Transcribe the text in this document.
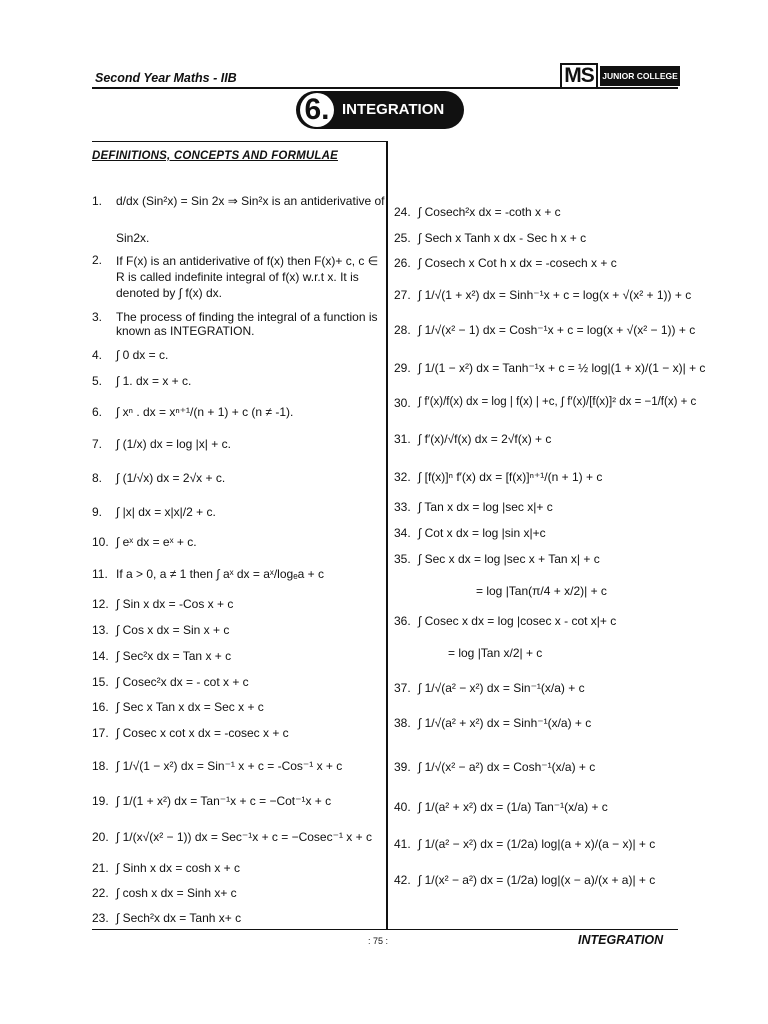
Second Year Maths - IIB	MS JUNIOR COLLEGE
6. INTEGRATION
DEFINITIONS, CONCEPTS AND FORMULAE
1.	d/dx (Sin²x) = Sin 2x ⇒ Sin²x is an antiderivative of
Sin2x.
2.	If F(x) is an antiderivative of f(x) then F(x)+ c, c ∈ R is called indefinite integral of f(x) w.r.t x. It is denoted by ∫ f(x) dx.
3.	The process of finding the integral of a function is known as INTEGRATION.
4.	∫ 0 dx = c.
5.	∫ 1. dx = x + c.
6.	∫ xⁿ . dx = xⁿ⁺¹/(n + 1) + c (n ≠ -1).
7.	∫ (1/x) dx = log |x| + c.
8.	∫ (1/√x) dx = 2√x + c.
9.	∫ |x| dx = x|x|/2 + c.
10. ∫ eˣ dx = eˣ + c.
11. If a > 0, a ≠ 1 then ∫ aˣ dx = aˣ/logₑa + c
12. ∫ Sin x dx = -Cos x + c
13. ∫ Cos x dx = Sin x + c
14. ∫ Sec²x dx = Tan x + c
15. ∫ Cosec²x dx = - cot x + c
16. ∫ Sec x Tan x dx = Sec x + c
17. ∫ Cosec x cot x dx = -cosec x + c
18. ∫ 1/√(1 − x²) dx = Sin⁻¹ x + c = -Cos⁻¹ x + c
19. ∫ 1/(1 + x²) dx = Tan⁻¹x + c = −Cot⁻¹x + c
20. ∫ 1/(x√(x² − 1)) dx = Sec⁻¹x + c = −Cosec⁻¹ x + c
21. ∫ Sinh x dx = cosh x + c
22. ∫ cosh x dx = Sinh x+ c
23. ∫ Sech²x dx = Tanh x+ c
24. ∫ Cosech²x dx = -coth x + c
25. ∫ Sech x Tanh x dx - Sec h x + c
26. ∫ Cosech x Cot h x dx = -cosech x + c
27. ∫ 1/√(1 + x²) dx = Sinh⁻¹x + c = log(x + √(x² + 1)) + c
28. ∫ 1/√(x² − 1) dx = Cosh⁻¹x + c = log(x + √(x² − 1)) + c
29. ∫ 1/(1 − x²) dx = Tanh⁻¹x + c = ½ log|(1 + x)/(1 − x)| + c
30. ∫ f′(x)/f(x) dx = log | f(x) | +c, ∫ f′(x)/[f(x)]² dx = −1/f(x) + c
31. ∫ f′(x)/√f(x) dx = 2√f(x) + c
32. ∫ [f(x)]ⁿ f′(x) dx = [f(x)]ⁿ⁺¹/(n + 1) + c
33. ∫ Tan x dx = log |sec x|+ c
34. ∫ Cot x dx = log |sin x|+c
35. ∫ Sec x dx = log |sec x + Tan x| + c
= log |Tan(π/4 + x/2)| + c
36. ∫ Cosec x dx = log |cosec x - cot x|+ c
= log |Tan x/2| + c
37. ∫ 1/√(a² − x²) dx = Sin⁻¹(x/a) + c
38. ∫ 1/√(a² + x²) dx = Sinh⁻¹(x/a) + c
39. ∫ 1/√(x² − a²) dx = Cosh⁻¹(x/a) + c
40. ∫ 1/(a² + x²) dx = (1/a) Tan⁻¹(x/a) + c
41. ∫ 1/(a² − x²) dx = (1/2a) log|(a + x)/(a − x)| + c
42. ∫ 1/(x² − a²) dx = (1/2a) log|(x − a)/(x + a)| + c
: 75 :	INTEGRATION
